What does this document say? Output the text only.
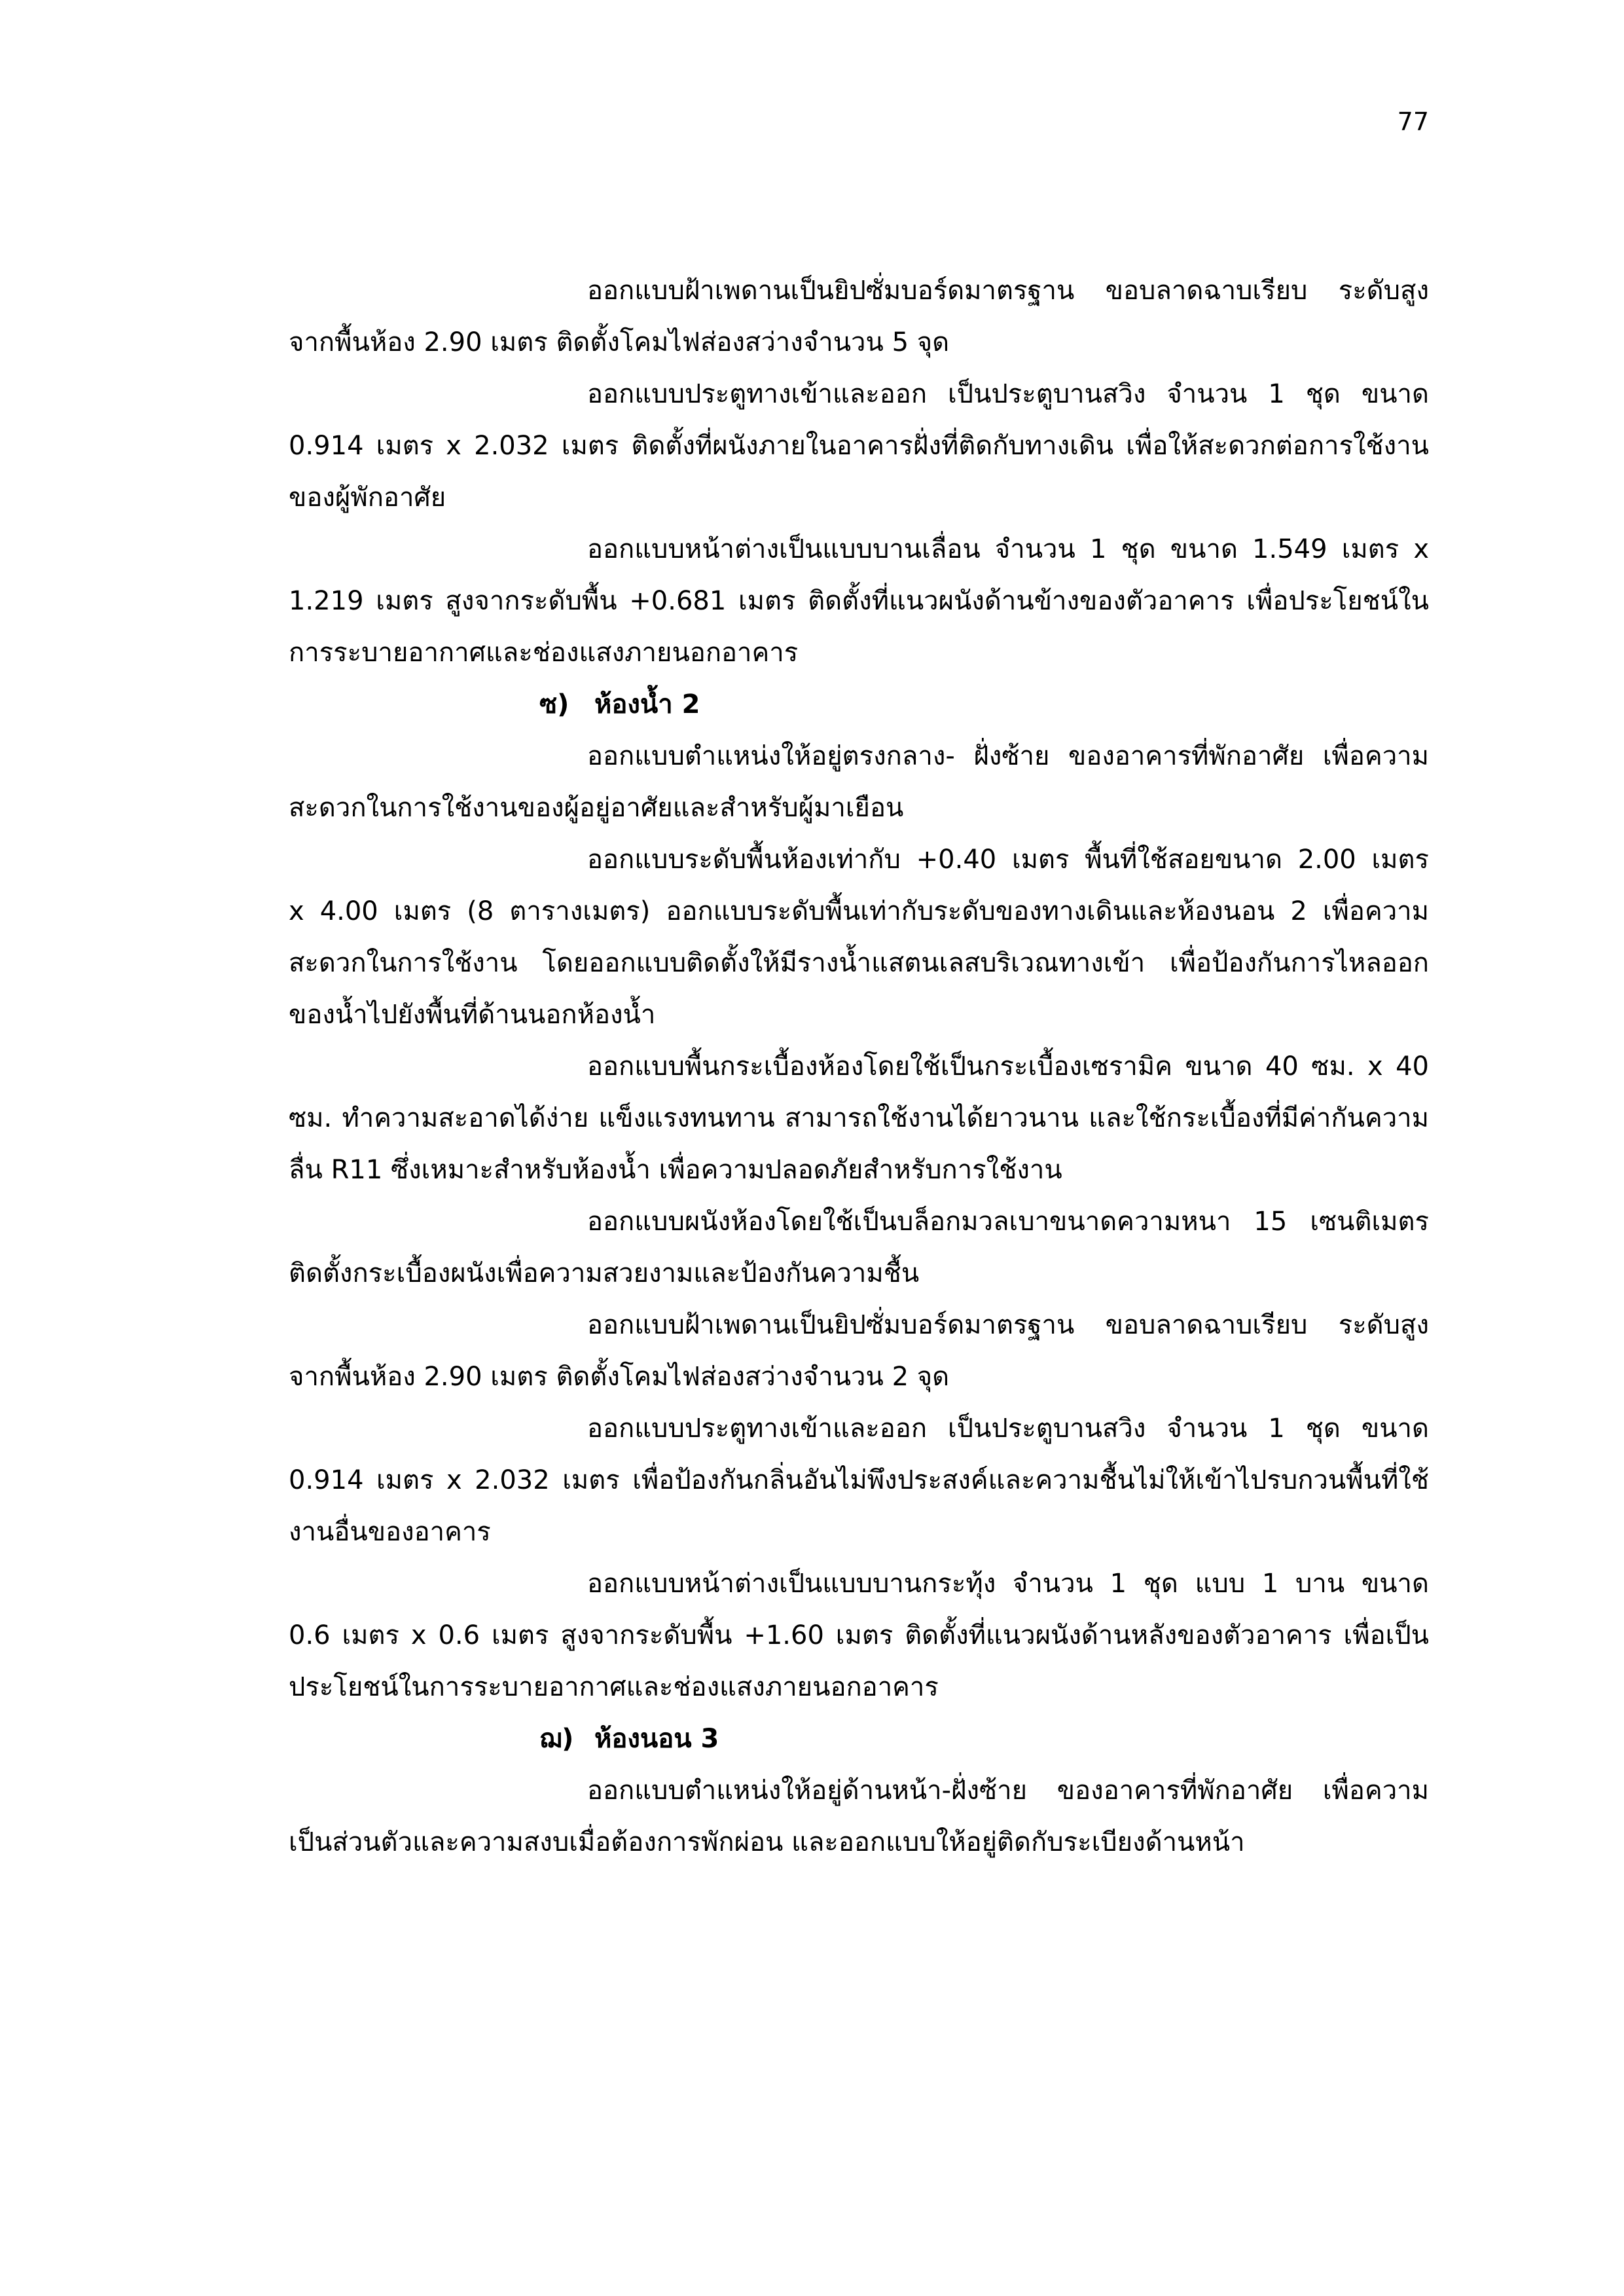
77
ออกแบบฝ้าเพดานเป็นยิปซั่มบอร์ดมาตรฐาน ขอบลาดฉาบเรียบ ระดับสูง
จากพื้นห้อง 2.90 เมตร ติดตั้งโคมไฟส่องสว่างจำนวน 5 จุด
ออกแบบประตูทางเข้าและออก เป็นประตูบานสวิง จำนวน 1 ชุด ขนาด
0.914 เมตร x 2.032 เมตร ติดตั้งที่ผนังภายในอาคารฝั่งที่ติดกับทางเดิน เพื่อให้สะดวกต่อการใช้งาน
ของผู้พักอาศัย
ออกแบบหน้าต่างเป็นแบบบานเลื่อน จำนวน 1 ชุด ขนาด 1.549 เมตร x
1.219 เมตร สูงจากระดับพื้น +0.681 เมตร ติดตั้งที่แนวผนังด้านข้างของตัวอาคาร เพื่อประโยชน์ใน
การระบายอากาศและช่องแสงภายนอกอาคาร
ซ) ห้องน้ำ 2
ออกแบบตำแหน่งให้อยู่ตรงกลาง- ฝั่งซ้าย ของอาคารที่พักอาศัย เพื่อความ
สะดวกในการใช้งานของผู้อยู่อาศัยและสำหรับผู้มาเยือน
ออกแบบระดับพื้นห้องเท่ากับ +0.40 เมตร พื้นที่ใช้สอยขนาด 2.00 เมตร
x 4.00 เมตร (8 ตารางเมตร) ออกแบบระดับพื้นเท่ากับระดับของทางเดินและห้องนอน 2 เพื่อความ
สะดวกในการใช้งาน โดยออกแบบติดตั้งให้มีรางน้ำแสตนเลสบริเวณทางเข้า เพื่อป้องกันการไหลออก
ของน้ำไปยังพื้นที่ด้านนอกห้องน้ำ
ออกแบบพื้นกระเบื้องห้องโดยใช้เป็นกระเบื้องเซรามิค ขนาด 40 ซม. x 40
ซม. ทำความสะอาดได้ง่าย แข็งแรงทนทาน สามารถใช้งานได้ยาวนาน และใช้กระเบื้องที่มีค่ากันความ
ลื่น R11 ซึ่งเหมาะสำหรับห้องน้ำ เพื่อความปลอดภัยสำหรับการใช้งาน
ออกแบบผนังห้องโดยใช้เป็นบล็อกมวลเบาขนาดความหนา 15 เซนติเมตร
ติดตั้งกระเบื้องผนังเพื่อความสวยงามและป้องกันความชื้น
ออกแบบฝ้าเพดานเป็นยิปซั่มบอร์ดมาตรฐาน ขอบลาดฉาบเรียบ ระดับสูง
จากพื้นห้อง 2.90 เมตร ติดตั้งโคมไฟส่องสว่างจำนวน 2 จุด
ออกแบบประตูทางเข้าและออก เป็นประตูบานสวิง จำนวน 1 ชุด ขนาด
0.914 เมตร x 2.032 เมตร เพื่อป้องกันกลิ่นอันไม่พึงประสงค์และความชื้นไม่ให้เข้าไปรบกวนพื้นที่ใช้
งานอื่นของอาคาร
ออกแบบหน้าต่างเป็นแบบบานกระทุ้ง จำนวน 1 ชุด แบบ 1 บาน ขนาด
0.6 เมตร x 0.6 เมตร สูงจากระดับพื้น +1.60 เมตร ติดตั้งที่แนวผนังด้านหลังของตัวอาคาร เพื่อเป็น
ประโยชน์ในการระบายอากาศและช่องแสงภายนอกอาคาร
ฌ) ห้องนอน 3
ออกแบบตำแหน่งให้อยู่ด้านหน้า-ฝั่งซ้าย ของอาคารที่พักอาศัย เพื่อความ
เป็นส่วนตัวและความสงบเมื่อต้องการพักผ่อน และออกแบบให้อยู่ติดกับระเบียงด้านหน้า
